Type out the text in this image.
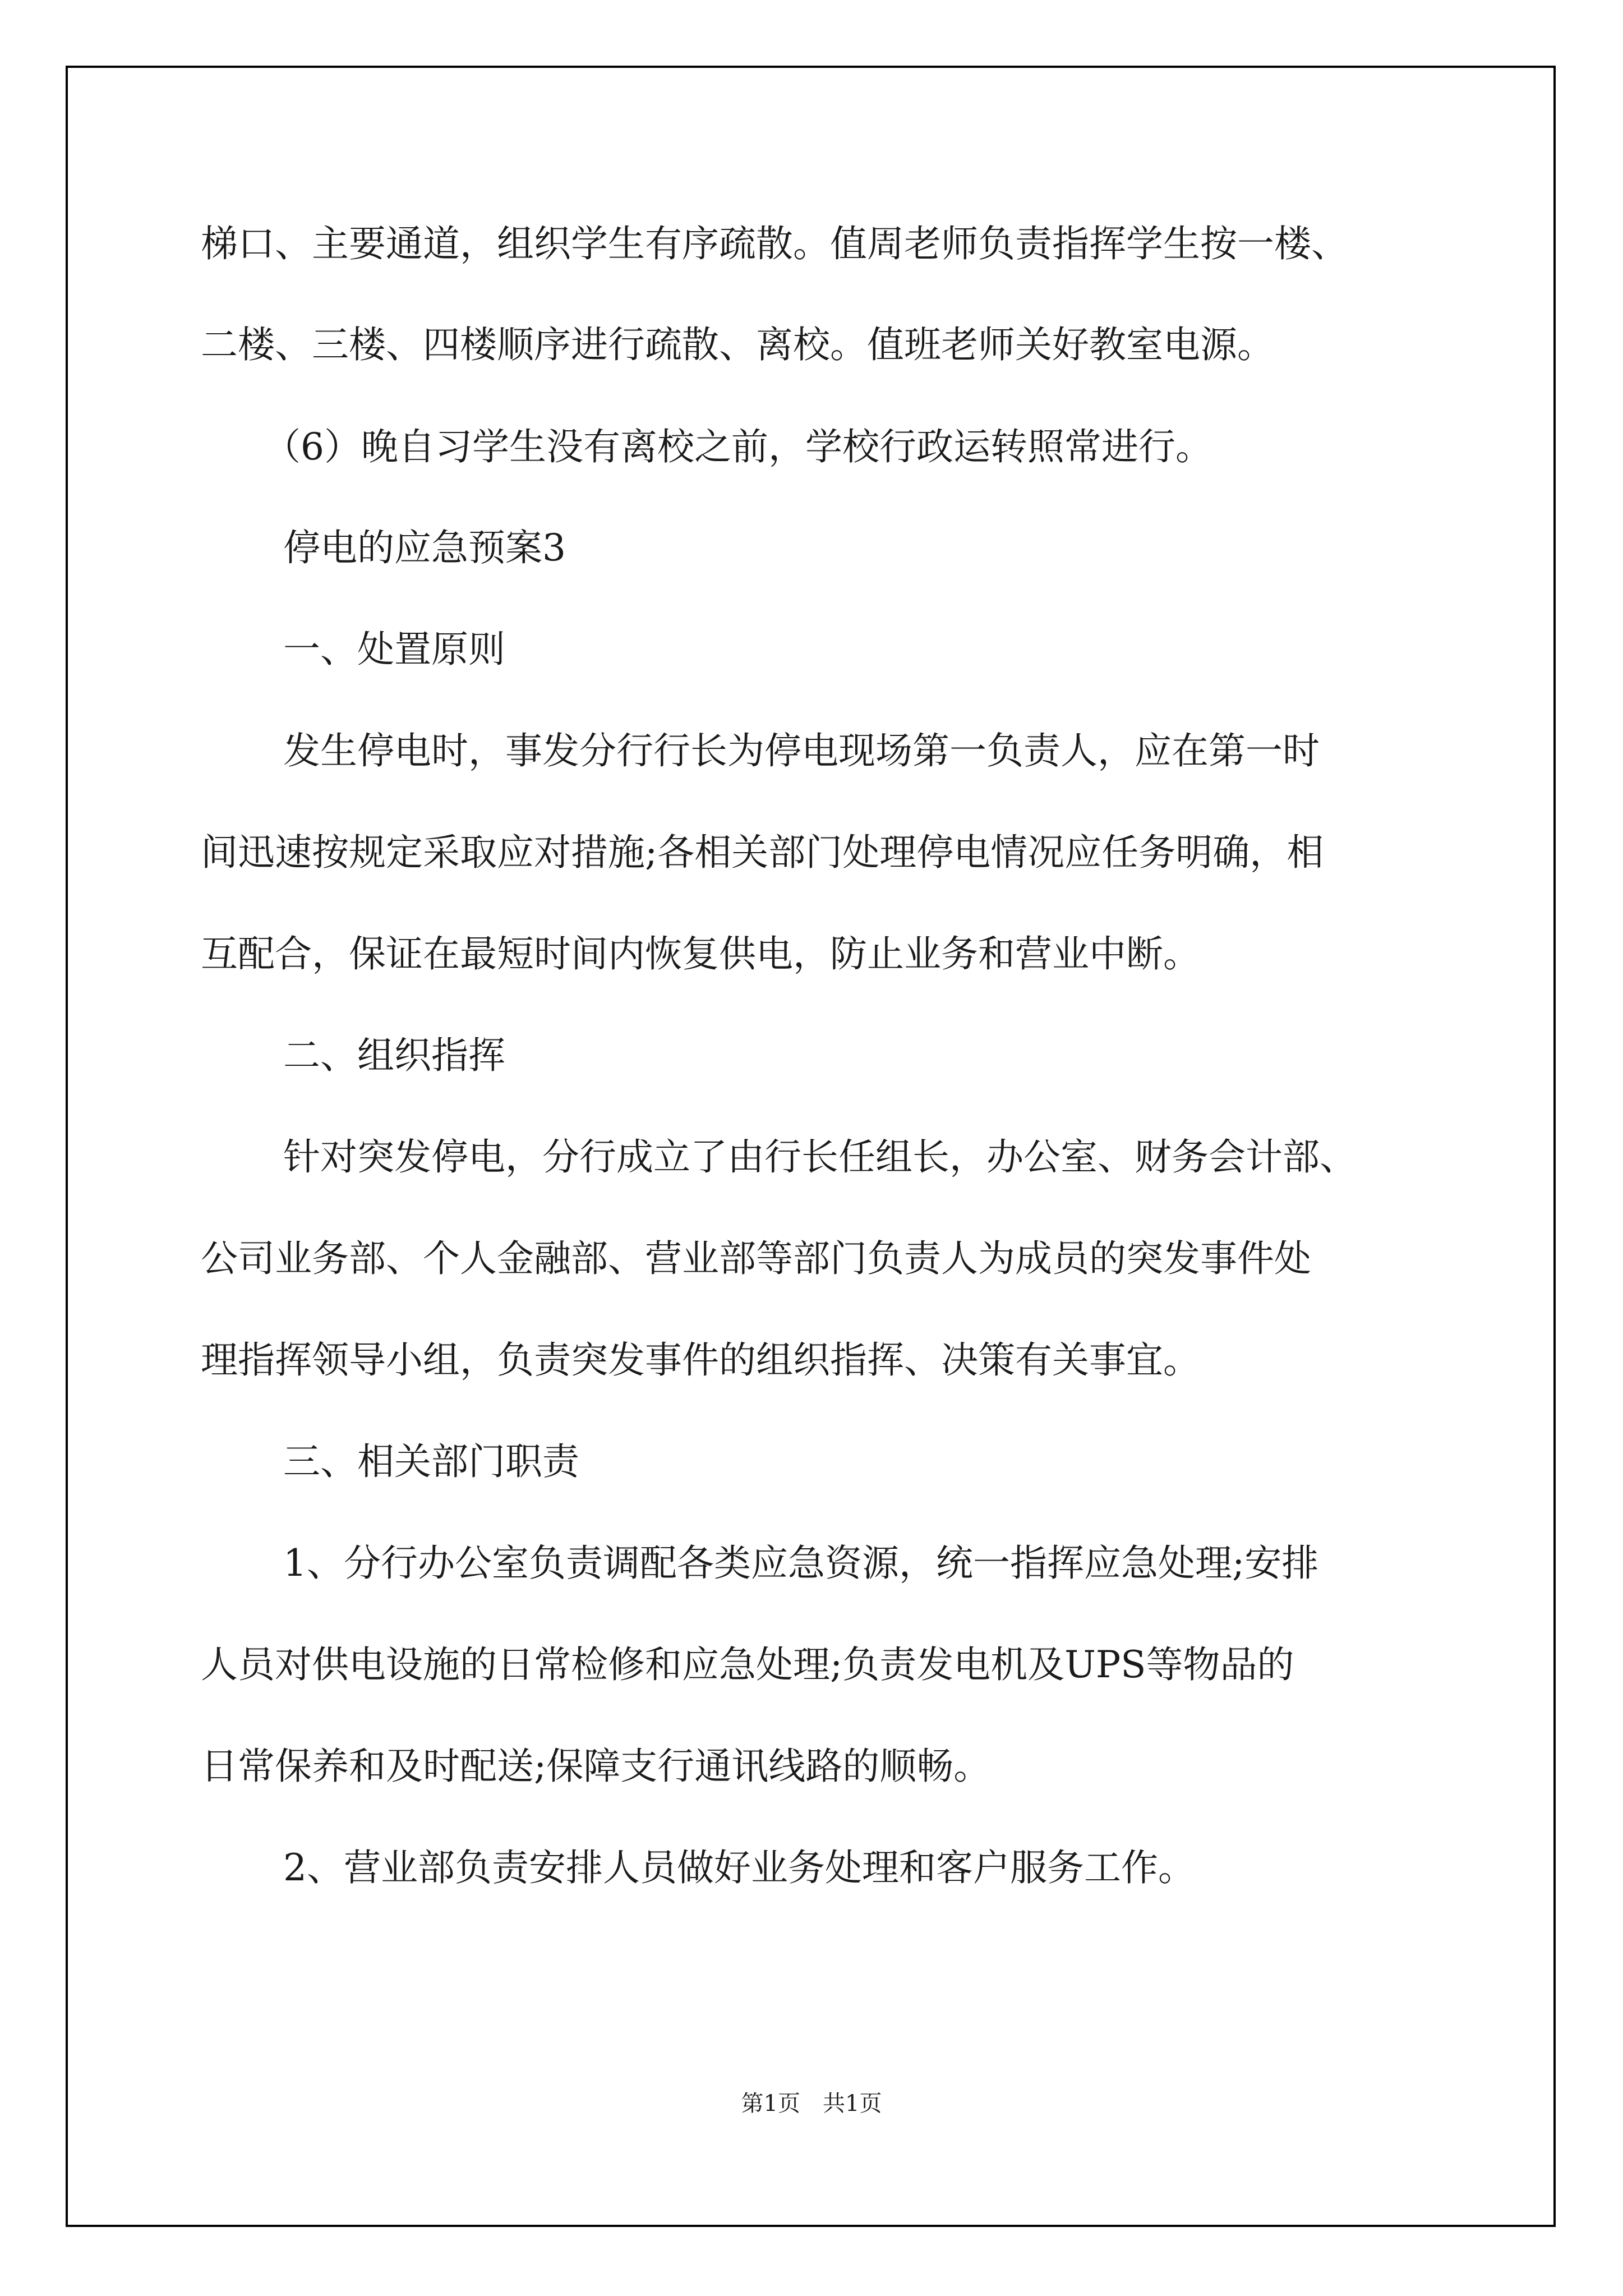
梯口、主要通道，组织学生有序疏散。值周老师负责指挥学生按一楼、
二楼、三楼、四楼顺序进行疏散、离校。值班老师关好教室电源。
（6）晚自习学生没有离校之前，学校行政运转照常进行。
停电的应急预案3
一、处置原则
发生停电时，事发分行行长为停电现场第一负责人，应在第一时
间迅速按规定采取应对措施;各相关部门处理停电情况应任务明确，相
互配合，保证在最短时间内恢复供电，防止业务和营业中断。
二、组织指挥
针对突发停电，分行成立了由行长任组长，办公室、财务会计部、
公司业务部、个人金融部、营业部等部门负责人为成员的突发事件处
理指挥领导小组，负责突发事件的组织指挥、决策有关事宜。
三、相关部门职责
1、分行办公室负责调配各类应急资源，统一指挥应急处理;安排
人员对供电设施的日常检修和应急处理;负责发电机及UPS等物品的
日常保养和及时配送;保障支行通讯线路的顺畅。
2、营业部负责安排人员做好业务处理和客户服务工作。
第1页　共1页
